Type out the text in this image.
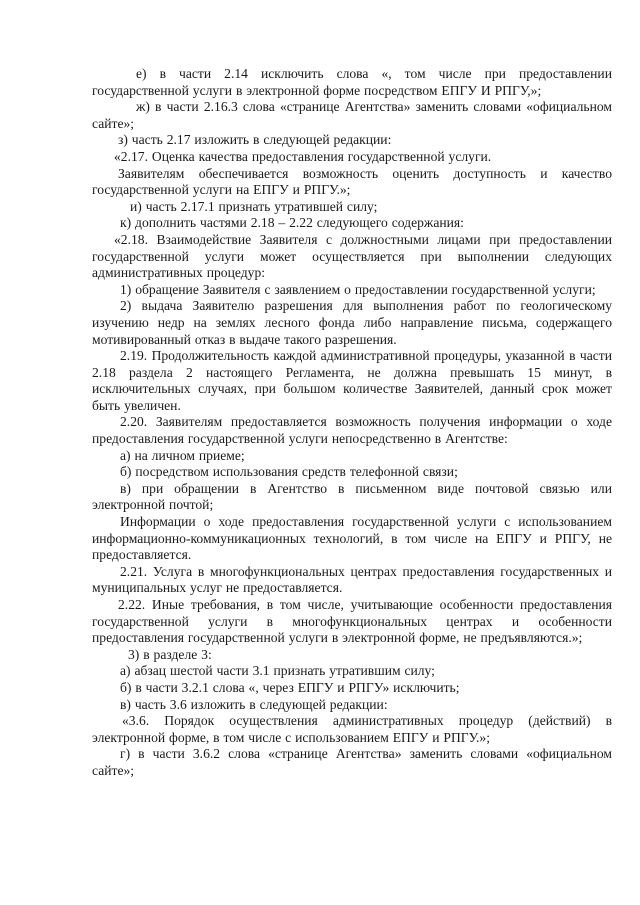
е) в части 2.14 исключить слова «, том числе при предоставлении государственной услуги в электронной форме посредством ЕПГУ И РПГУ,»;

ж) в части 2.16.3 слова «странице Агентства» заменить словами «официальном сайте»;

з) часть 2.17 изложить в следующей редакции:

«2.17. Оценка качества предоставления государственной услуги.

Заявителям обеспечивается возможность оценить доступность и качество государственной услуги на ЕПГУ и РПГУ.»;

и) часть 2.17.1 признать утратившей силу;

к) дополнить частями 2.18 – 2.22 следующего содержания:

«2.18. Взаимодействие Заявителя с должностными лицами при предоставлении государственной услуги может осуществляется при выполнении следующих административных процедур:

1) обращение Заявителя с заявлением о предоставлении государственной услуги;

2) выдача Заявителю разрешения для выполнения работ по геологическому изучению недр на землях лесного фонда либо направление письма, содержащего мотивированный отказ в выдаче такого разрешения.

2.19. Продолжительность каждой административной процедуры, указанной в части 2.18 раздела 2 настоящего Регламента, не должна превышать 15 минут, в исключительных случаях, при большом количестве Заявителей, данный срок может быть увеличен.

2.20. Заявителям предоставляется возможность получения информации о ходе предоставления государственной услуги непосредственно в Агентстве:

а) на личном приеме;

б) посредством использования средств телефонной связи;

в) при обращении в Агентство в письменном виде почтовой связью или электронной почтой;

Информации о ходе предоставления государственной услуги с использованием информационно-коммуникационных технологий, в том числе на ЕПГУ и РПГУ, не предоставляется.

2.21. Услуга в многофункциональных центрах предоставления государственных и муниципальных услуг не предоставляется.

2.22. Иные требования, в том числе, учитывающие особенности предоставления государственной услуги в многофункциональных центрах и особенности предоставления государственной услуги в электронной форме, не предъявляются.»;

3) в разделе 3:

а) абзац шестой части 3.1 признать утратившим силу;

б) в части 3.2.1 слова «, через ЕПГУ и РПГУ» исключить;

в) часть 3.6 изложить в следующей редакции:

«3.6. Порядок осуществления административных процедур (действий) в электронной форме, в том числе с использованием ЕПГУ и РПГУ.»;

г) в части 3.6.2 слова «странице Агентства» заменить словами «официальном сайте»;
